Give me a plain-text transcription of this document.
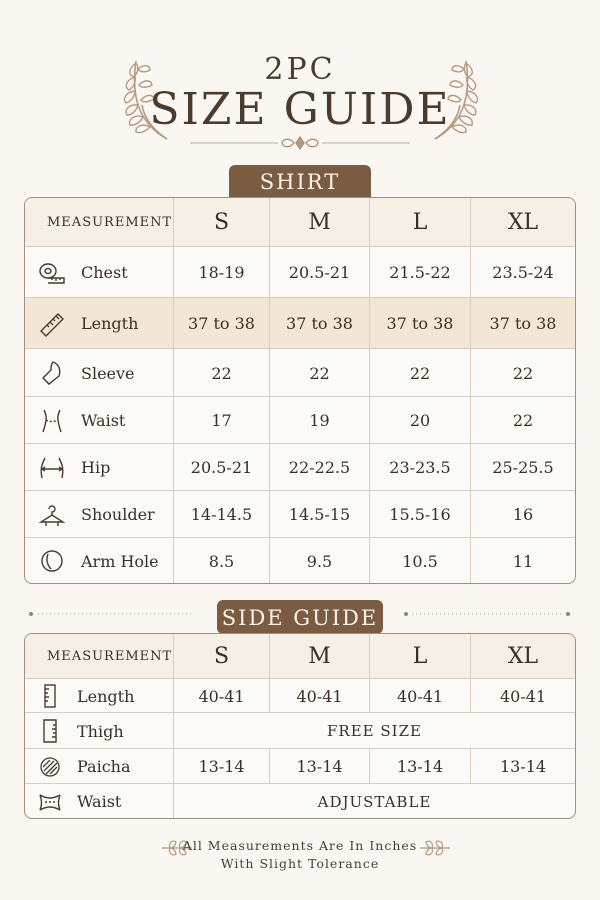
2PC
SIZE GUIDE
SHIRT
MEASUREMENT	S	M	L	XL
Chest	18-19	20.5-21	21.5-22	23.5-24
Length	37 to 38	37 to 38	37 to 38	37 to 38
Sleeve	22	22	22	22
Waist	17	19	20	22
Hip	20.5-21	22-22.5	23-23.5	25-25.5
Shoulder	14-14.5	14.5-15	15.5-16	16
Arm Hole	8.5	9.5	10.5	11
SIDE GUIDE
MEASUREMENT	S	M	L	XL
Length	40-41	40-41	40-41	40-41
Thigh	FREE SIZE
Paicha	13-14	13-14	13-14	13-14
Waist	ADJUSTABLE
All Measurements Are In Inches
With Slight Tolerance
